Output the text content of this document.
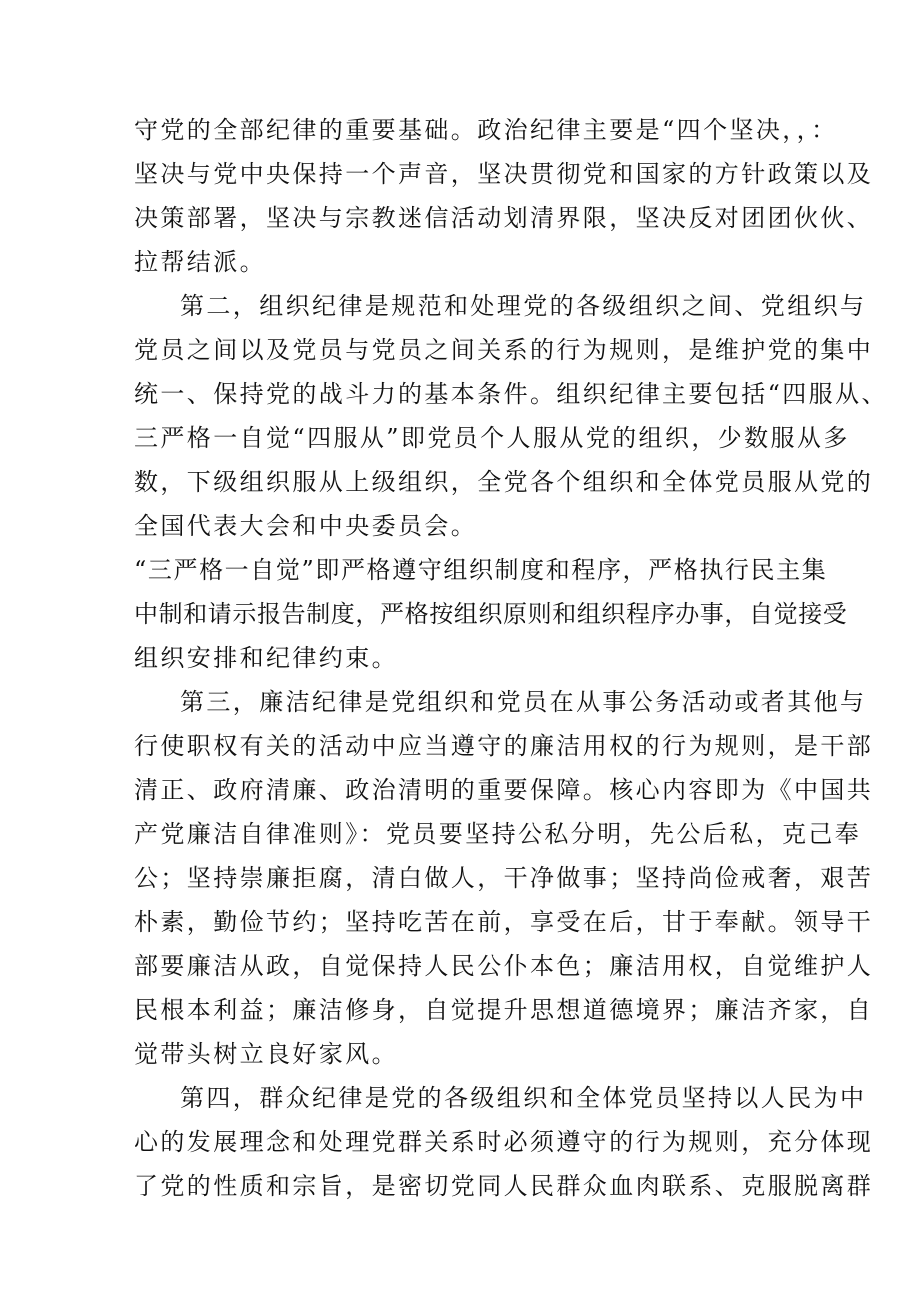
守党的全部纪律的重要基础。政治纪律主要是“四个坚决，，：
坚决与党中央保持一个声音，坚决贯彻党和国家的方针政策以及
决策部署，坚决与宗教迷信活动划清界限，坚决反对团团伙伙、
拉帮结派。
第二，组织纪律是规范和处理党的各级组织之间、党组织与
党员之间以及党员与党员之间关系的行为规则，是维护党的集中
统一、保持党的战斗力的基本条件。组织纪律主要包括“四服从、
三严格一自觉“四服从”即党员个人服从党的组织，少数服从多
数，下级组织服从上级组织，全党各个组织和全体党员服从党的
全国代表大会和中央委员会。
“三严格一自觉”即严格遵守组织制度和程序，严格执行民主集
中制和请示报告制度，严格按组织原则和组织程序办事，自觉接受
组织安排和纪律约束。
第三，廉洁纪律是党组织和党员在从事公务活动或者其他与
行使职权有关的活动中应当遵守的廉洁用权的行为规则，是干部
清正、政府清廉、政治清明的重要保障。核心内容即为《中国共
产党廉洁自律准则》：党员要坚持公私分明，先公后私，克己奉
公；坚持崇廉拒腐，清白做人，干净做事；坚持尚俭戒奢，艰苦
朴素，勤俭节约；坚持吃苦在前，享受在后，甘于奉献。领导干
部要廉洁从政，自觉保持人民公仆本色；廉洁用权，自觉维护人
民根本利益；廉洁修身，自觉提升思想道德境界；廉洁齐家，自
觉带头树立良好家风。
第四，群众纪律是党的各级组织和全体党员坚持以人民为中
心的发展理念和处理党群关系时必须遵守的行为规则，充分体现
了党的性质和宗旨，是密切党同人民群众血肉联系、克服脱离群
